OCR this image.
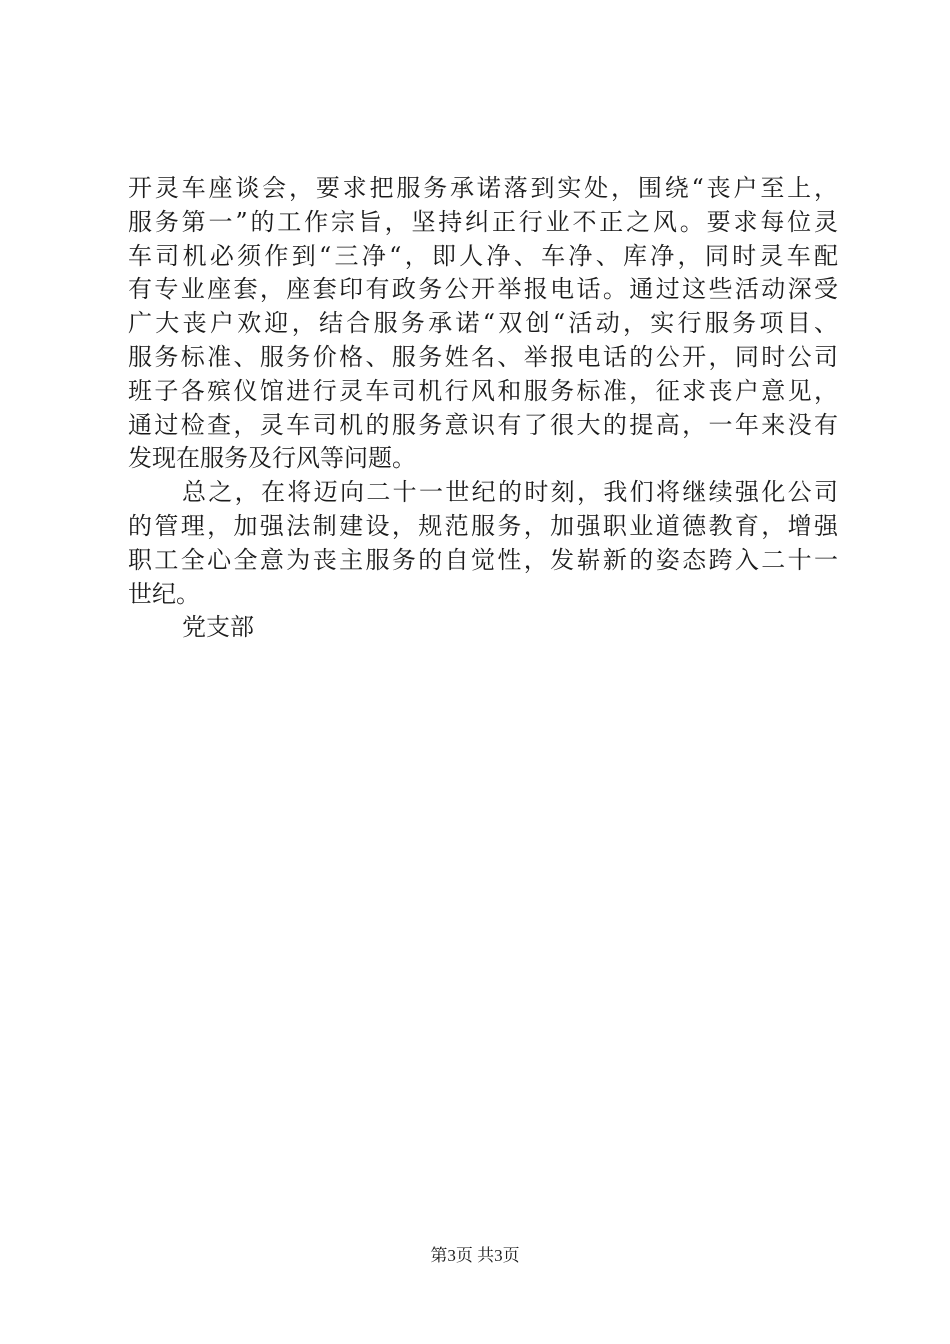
开灵车座谈会，要求把服务承诺落到实处，围绕“丧户至上，
服务第一”的工作宗旨，坚持纠正行业不正之风。要求每位灵
车司机必须作到“三净“，即人净、车净、库净，同时灵车配
有专业座套，座套印有政务公开举报电话。通过这些活动深受
广大丧户欢迎，结合服务承诺“双创“活动，实行服务项目、
服务标准、服务价格、服务姓名、举报电话的公开，同时公司
班子各殡仪馆进行灵车司机行风和服务标准，征求丧户意见，
通过检查，灵车司机的服务意识有了很大的提高，一年来没有
发现在服务及行风等问题。
总之，在将迈向二十一世纪的时刻，我们将继续强化公司
的管理，加强法制建设，规范服务，加强职业道德教育，增强
职工全心全意为丧主服务的自觉性，发崭新的姿态跨入二十一
世纪。
党支部
第3页 共3页
